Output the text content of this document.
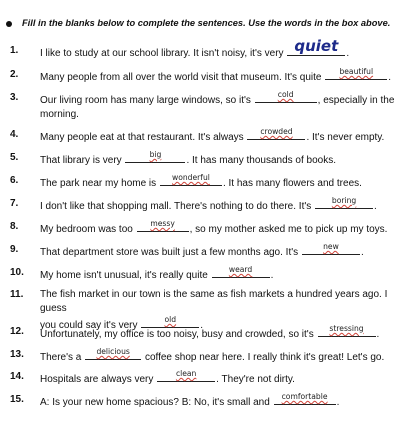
Fill in the blanks below to complete the sentences. Use the words in the box above.
1.	I like to study at our school library. It isn't noisy, it's very quiet .
2.	Many people from all over the world visit that museum. It's quite
beautiful
.
3.	Our living room has many large windows, so it's
cold
, especially in the
morning.
4.	Many people eat at that restaurant. It's always
crowded
. It's never empty.
5.	That library is very
big
. It has many thousands of books.
6.	The park near my home is
wonderful
. It has many flowers and trees.
7.	I don't like that shopping mall. There's nothing to do there. It's
boring
.
8.	My bedroom was too
messy
, so my mother asked me to pick up my toys.
9.	That department store was built just a few months ago. It's
new
.
10.	My home isn't unusual, it's really quite
weard
.
11.	The fish market in our town is the same as fish markets a hundred years ago. I guess
you could say it's very
old
.
12.	Unfortunately, my office is too noisy, busy and crowded, so it's
stressing
.
13.	There's a
delicious
coffee shop near here. I really think it's great! Let's go.
14.	Hospitals are always very
clean
. They're not dirty.
15.	A: Is your new home spacious? B: No, it's small and
comfortable
.
